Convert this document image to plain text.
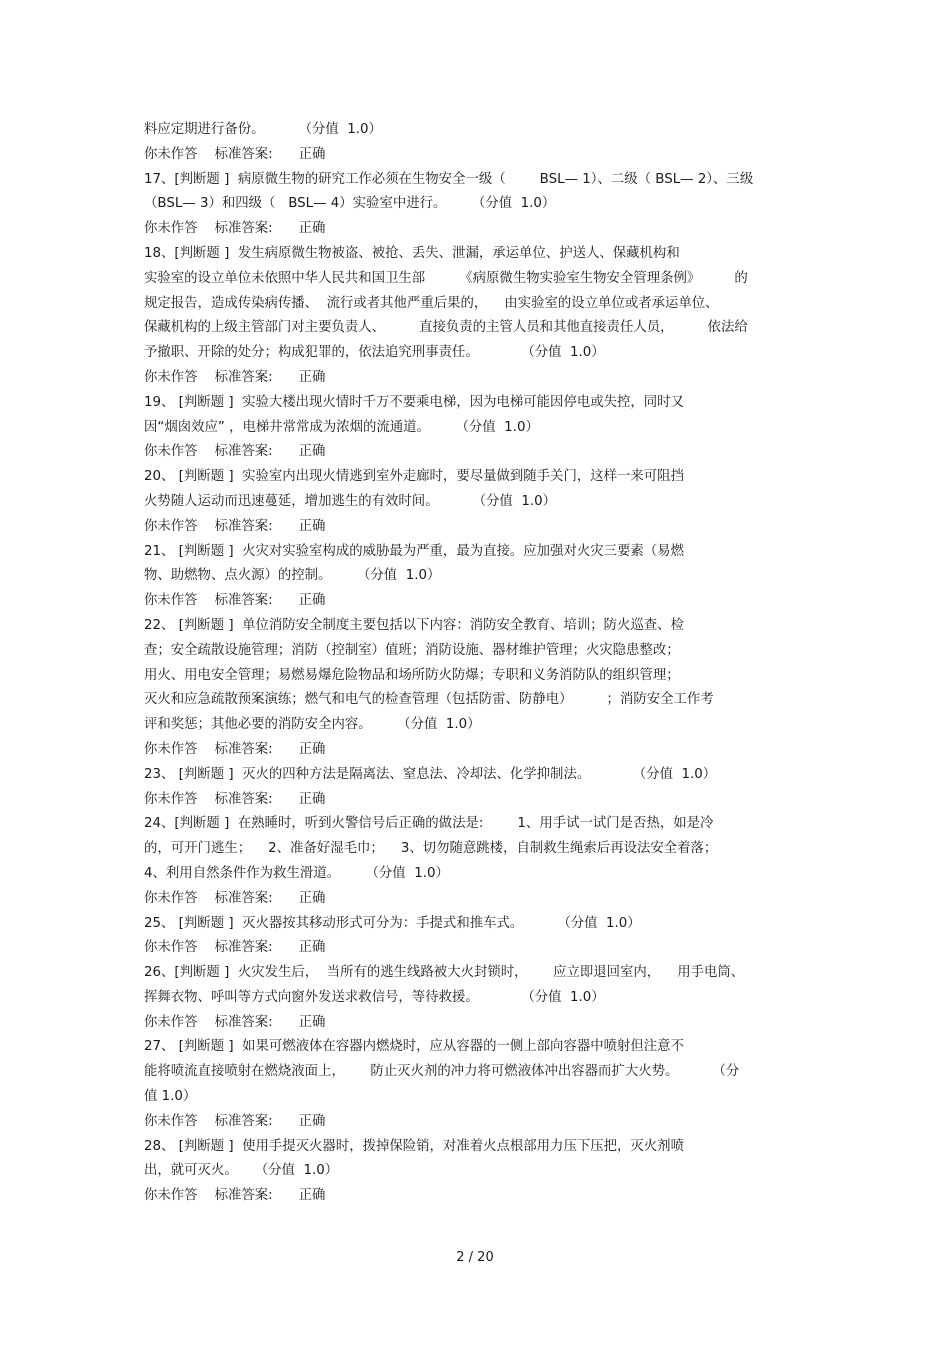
料应定期进行备份。        （分值  1.0）
你未作答 标准答案: 正确
17、[判断题 ]  病原微生物的研究工作必须在生物安全一级（        BSL— 1）、二级（ BSL— 2）、三级
（BSL— 3）和四级（   BSL— 4）实验室中进行。      （分值  1.0）
你未作答 标准答案: 正确
18、[判断题 ]  发生病原微生物被盗、被抢、丢失、泄漏，承运单位、护送人、保藏机构和
实验室的设立单位未依照中华人民共和国卫生部        《病原微生物实验室生物安全管理条例》        的
规定报告，造成传染病传播、  流行或者其他严重后果的，    由实验室的设立单位或者承运单位、
保藏机构的上级主管部门对主要负责人、        直接负责的主管人员和其他直接责任人员，        依法给
予撤职、开除的处分；构成犯罪的，依法追究刑事责任。          （分值  1.0）
你未作答 标准答案: 正确
19、 [判断题 ]  实验大楼出现火情时千万不要乘电梯，因为电梯可能因停电或失控，同时又
因“烟囱效应” ，电梯井常常成为浓烟的流通道。      （分值  1.0）
你未作答 标准答案: 正确
20、 [判断题 ]  实验室内出现火情逃到室外走廊时，要尽量做到随手关门，这样一来可阻挡
火势随人运动而迅速蔓延，增加逃生的有效时间。        （分值  1.0）
你未作答 标准答案: 正确
21、 [判断题 ]  火灾对实验室构成的威胁最为严重，最为直接。应加强对火灾三要素（易燃
物、助燃物、点火源）的控制。      （分值  1.0）
你未作答 标准答案: 正确
22、 [判断题 ]  单位消防安全制度主要包括以下内容：消防安全教育、培训；防火巡查、检
查；安全疏散设施管理；消防（控制室）值班；消防设施、器材维护管理；火灾隐患整改；
用火、用电安全管理；易燃易爆危险物品和场所防火防爆；专职和义务消防队的组织管理；
灭火和应急疏散预案演练；燃气和电气的检查管理（包括防雷、防静电）        ；消防安全工作考
评和奖惩；其他必要的消防安全内容。      （分值  1.0）
你未作答 标准答案: 正确
23、 [判断题 ]  灭火的四种方法是隔离法、窒息法、冷却法、化学抑制法。          （分值  1.0）
你未作答 标准答案: 正确
24、[判断题 ]  在熟睡时，听到火警信号后正确的做法是:        1、用手试一试门是否热，如是冷
的，可开门逃生；    2、准备好湿毛巾；    3、切勿随意跳楼，自制救生绳索后再设法安全着落；
4、利用自然条件作为救生滑道。      （分值  1.0）
你未作答 标准答案: 正确
25、 [判断题 ]  灭火器按其移动形式可分为：手提式和推车式。        （分值  1.0）
你未作答 标准答案: 正确
26、[判断题 ]  火灾发生后，  当所有的逃生线路被大火封锁时，      应立即退回室内，    用手电筒、
挥舞衣物、呼叫等方式向窗外发送求救信号，等待救援。          （分值  1.0）
你未作答 标准答案: 正确
27、 [判断题 ]  如果可燃液体在容器内燃烧时，应从容器的一侧上部向容器中喷射但注意不
能将喷流直接喷射在燃烧液面上，      防止灭火剂的冲力将可燃液体冲出容器而扩大火势。        （分
值 1.0）
你未作答 标准答案: 正确
28、 [判断题 ]  使用手提灭火器时，拨掉保险销，对准着火点根部用力压下压把，灭火剂喷
出，就可灭火。    （分值  1.0）
你未作答 标准答案: 正确
2 / 20
